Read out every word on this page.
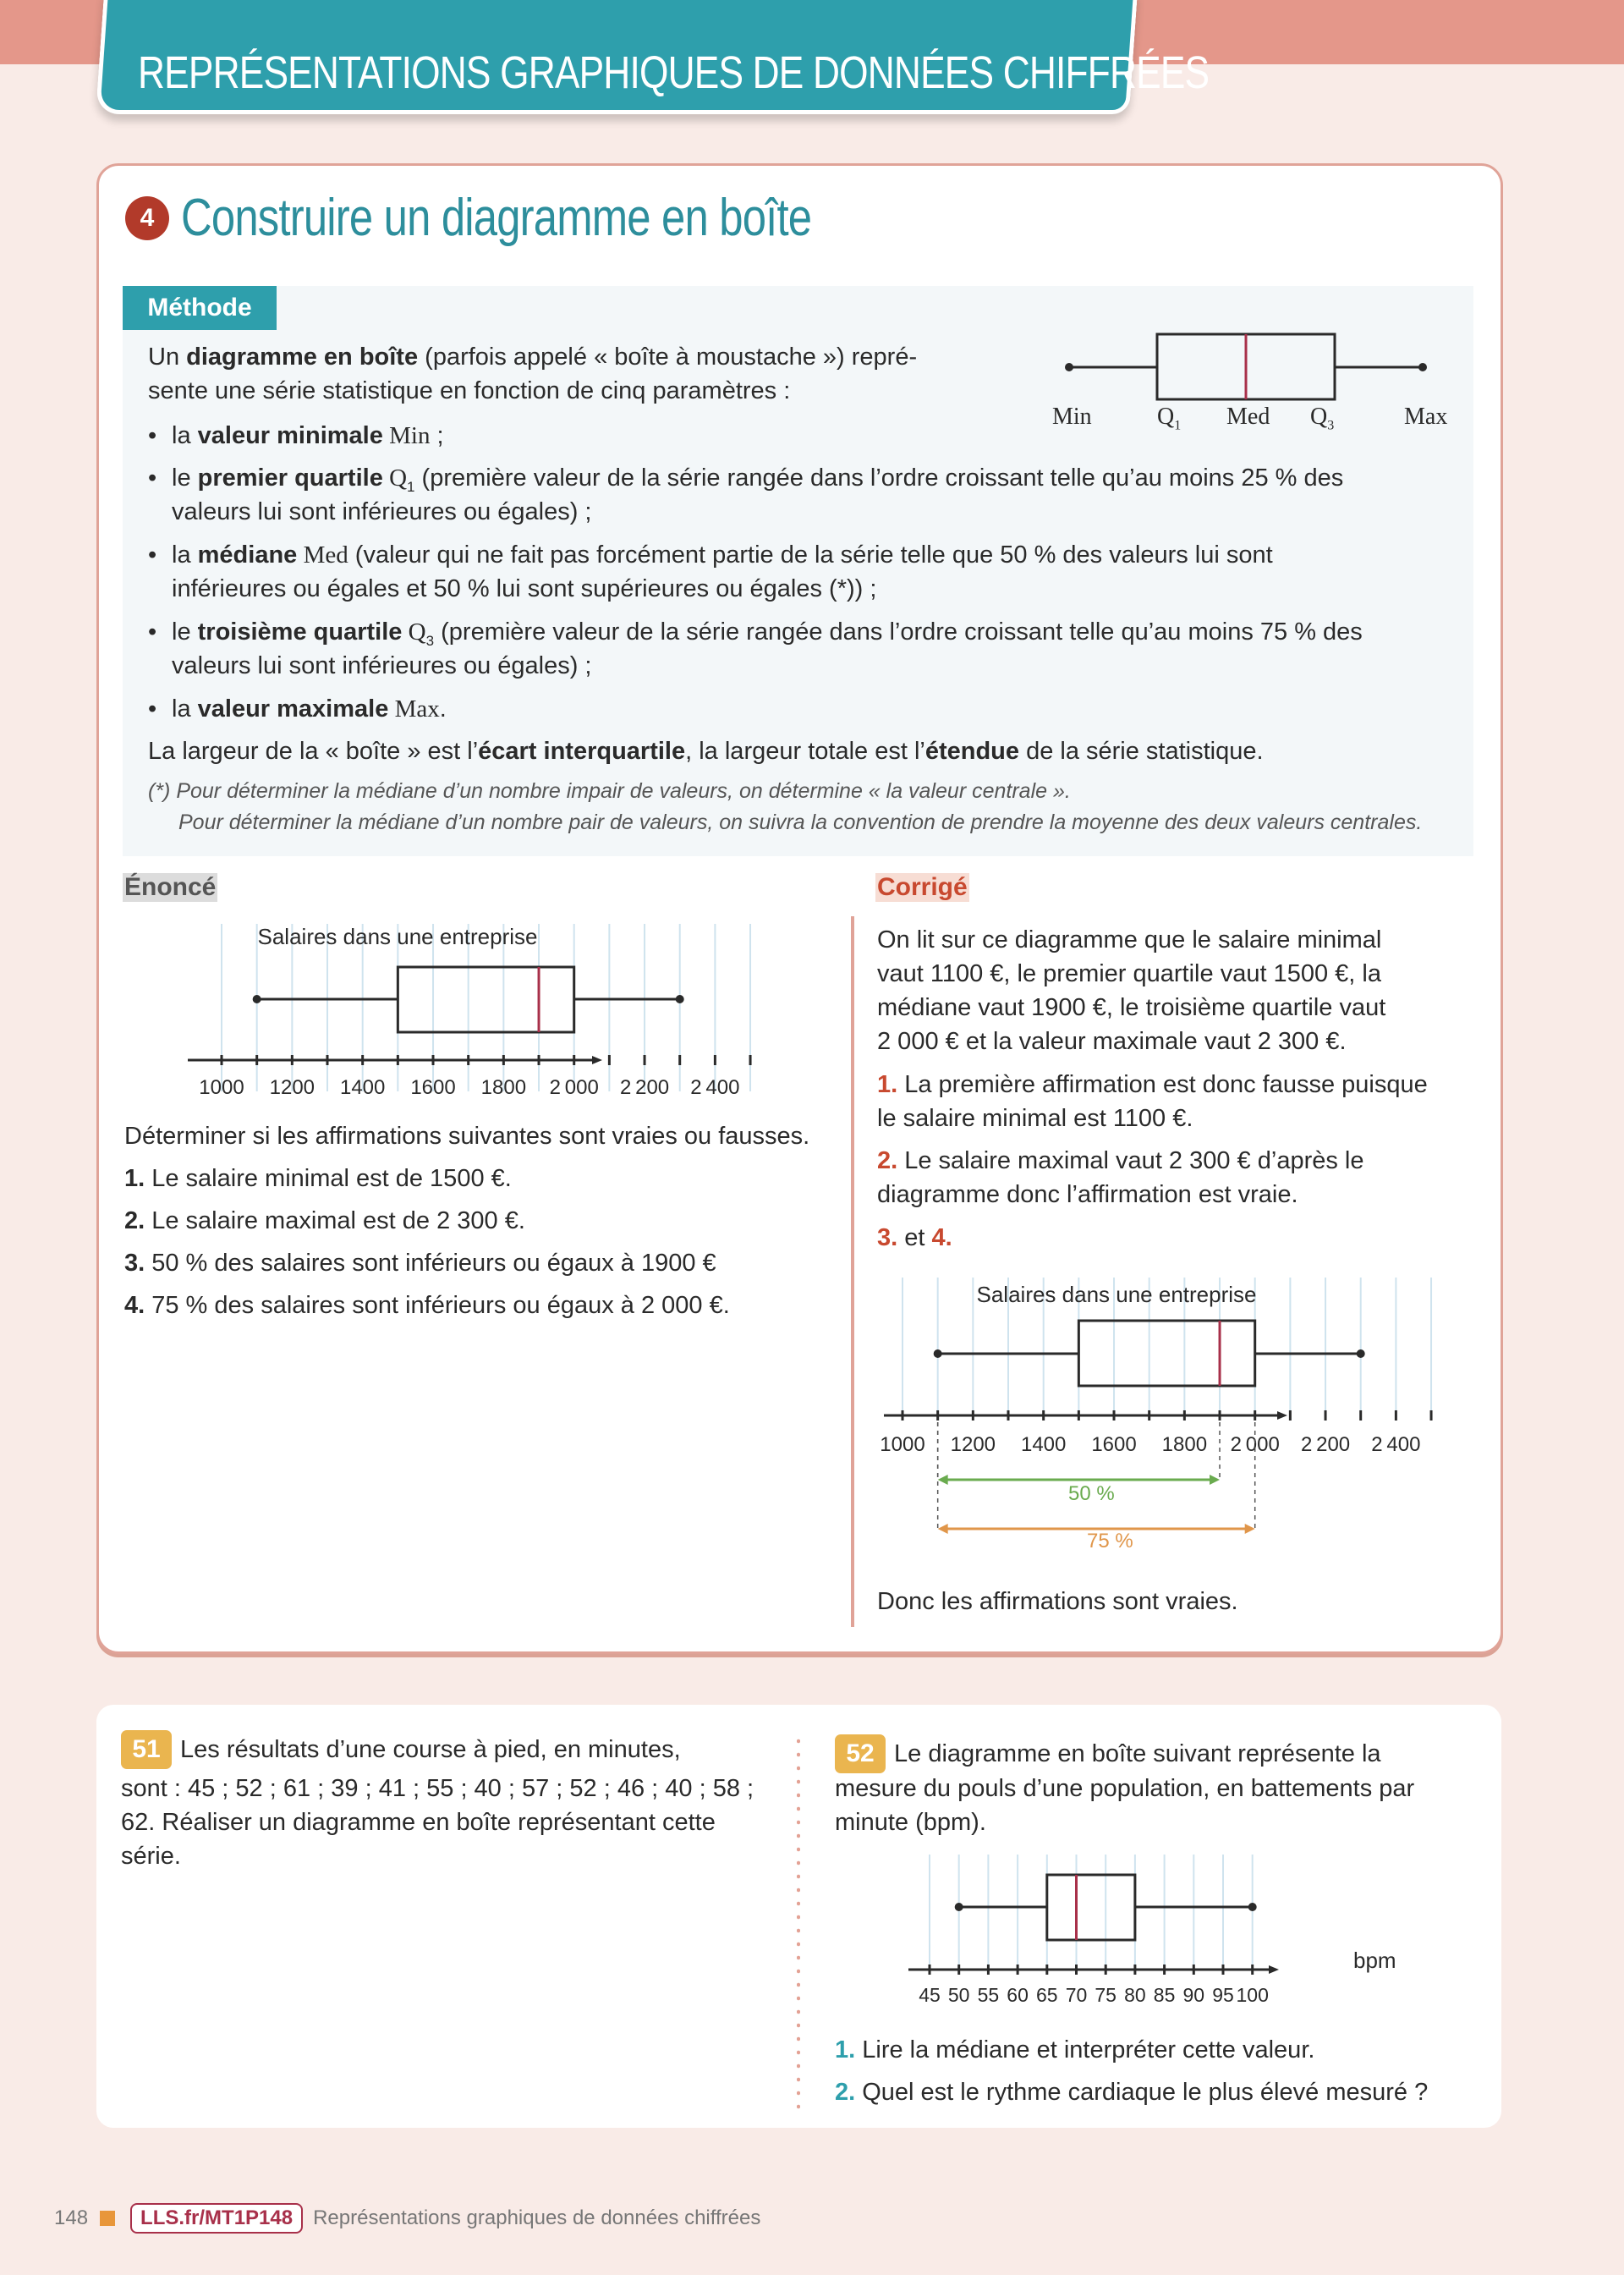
REPRÉSENTATIONS GRAPHIQUES DE DONNÉES CHIFFRÉES
4 Construire un diagramme en boîte
Méthode
Un diagramme en boîte (parfois appelé « boîte à moustache ») repré-
sente une série statistique en fonction de cinq paramètres :
• la valeur minimale Min ;
• le premier quartile $Q_1$ (première valeur de la série rangée dans l’ordre croissant telle qu’au moins 25 % des
valeurs lui sont inférieures ou égales) ;
• la médiane Med (valeur qui ne fait pas forcément partie de la série telle que 50 % des valeurs lui sont
inférieures ou égales et 50 % lui sont supérieures ou égales (*)) ;
• le troisième quartile $Q_3$ (première valeur de la série rangée dans l’ordre croissant telle qu’au moins 75 % des
valeurs lui sont inférieures ou égales) ;
• la valeur maximale Max.
La largeur de la « boîte » est l’écart interquartile, la largeur totale est l’étendue de la série statistique.
(*) Pour déterminer la médiane d’un nombre impair de valeurs, on détermine « la valeur centrale ».
Pour déterminer la médiane d’un nombre pair de valeurs, on suivra la convention de prendre la moyenne des deux valeurs centrales.
Min	$Q_1$ Med $Q_3$	Max
Énoncé
1000 1200 1400 1600 1800 2 000 2 200 2 400
Salaires dans une entreprise
Déterminer si les affirmations suivantes sont vraies ou fausses.
1. Le salaire minimal est de 1500 €.
2. Le salaire maximal est de 2 300 €.
3. 50 % des salaires sont inférieurs ou égaux à 1900 €
4. 75 % des salaires sont inférieurs ou égaux à 2 000 €.
Corrigé
On lit sur ce diagramme que le salaire minimal
vaut 1100 €, le premier quartile vaut 1500 €, la
médiane vaut 1900 €, le troisième quartile vaut
2 000 € et la valeur maximale vaut 2 300 €.
1. La première affirmation est donc fausse puisque
le salaire minimal est 1100 €.
2. Le salaire maximal vaut 2 300 € d’après le
diagramme donc l’affirmation est vraie.
3. et 4.
1000 1200 1400 1600 1800 2 000 2 200 2 400
Salaires dans une entreprise
50 %
75 %
Donc les affirmations sont vraies.
51 Les résultats d’une course à pied, en minutes,
sont : 45 ; 52 ; 61 ; 39 ; 41 ; 55 ; 40 ; 57 ; 52 ; 46 ; 40 ; 58 ;
62. Réaliser un diagramme en boîte représentant cette
série.
52 Le diagramme en boîte suivant représente la
mesure du pouls d’une population, en battements par
minute (bpm).
45 50 55 60 65 70 75 80 85 90 95 100
bpm
1. Lire la médiane et interpréter cette valeur.
2. Quel est le rythme cardiaque le plus élevé mesuré ?
148	LLS.fr/MT1P148	Représentations graphiques de données chiffrées
